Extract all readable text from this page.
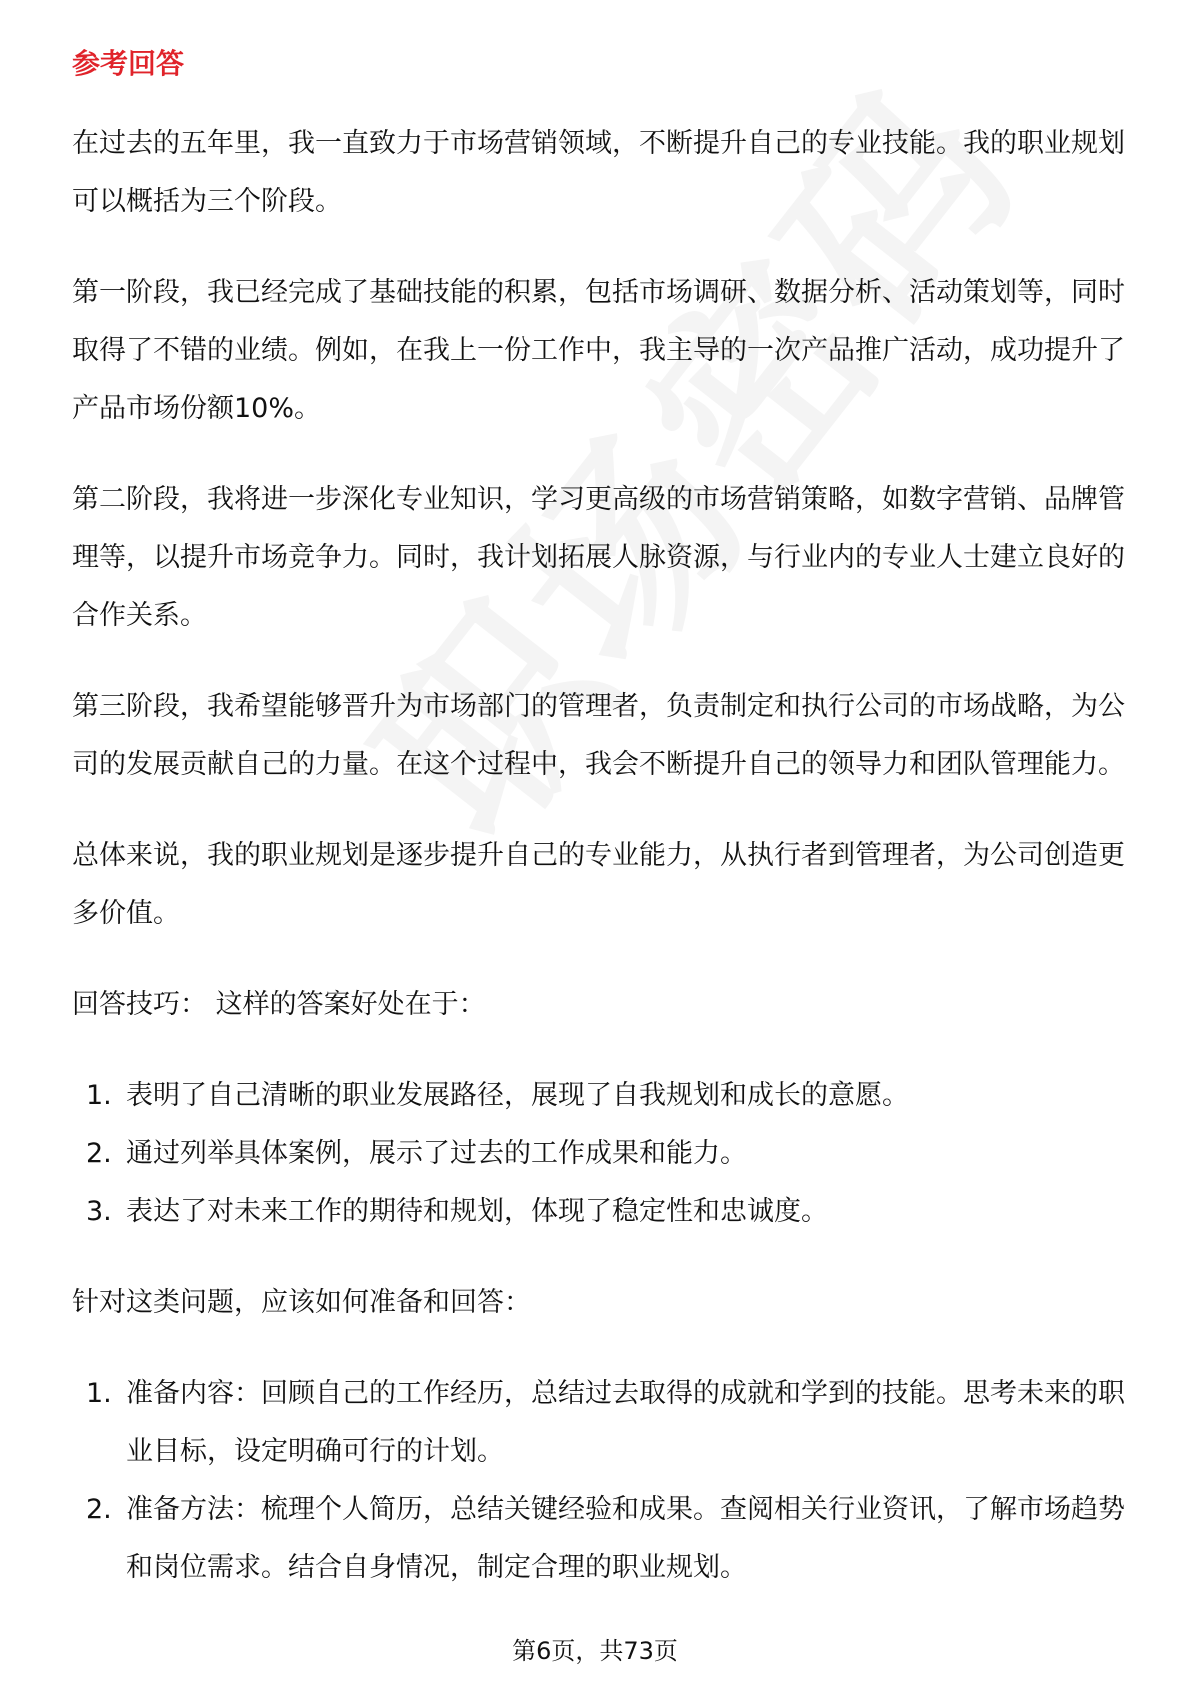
参考回答

在过去的五年里，我一直致力于市场营销领域，不断提升自己的专业技能。我的职业规划可以概括为三个阶段。

第一阶段，我已经完成了基础技能的积累，包括市场调研、数据分析、活动策划等，同时取得了不错的业绩。例如，在我上一份工作中，我主导的一次产品推广活动，成功提升了产品市场份额10%。

第二阶段，我将进一步深化专业知识，学习更高级的市场营销策略，如数字营销、品牌管理等，以提升市场竞争力。同时，我计划拓展人脉资源，与行业内的专业人士建立良好的合作关系。

第三阶段，我希望能够晋升为市场部门的管理者，负责制定和执行公司的市场战略，为公司的发展贡献自己的力量。在这个过程中，我会不断提升自己的领导力和团队管理能力。

总体来说，我的职业规划是逐步提升自己的专业能力，从执行者到管理者，为公司创造更多价值。

回答技巧： 这样的答案好处在于：

1. 表明了自己清晰的职业发展路径，展现了自我规划和成长的意愿。
2. 通过列举具体案例，展示了过去的工作成果和能力。
3. 表达了对未来工作的期待和规划，体现了稳定性和忠诚度。

针对这类问题，应该如何准备和回答：

1. 准备内容：回顾自己的工作经历，总结过去取得的成就和学到的技能。思考未来的职业目标，设定明确可行的计划。
2. 准备方法：梳理个人简历，总结关键经验和成果。查阅相关行业资讯，了解市场趋势和岗位需求。结合自身情况，制定合理的职业规划。
第6页，共73页
